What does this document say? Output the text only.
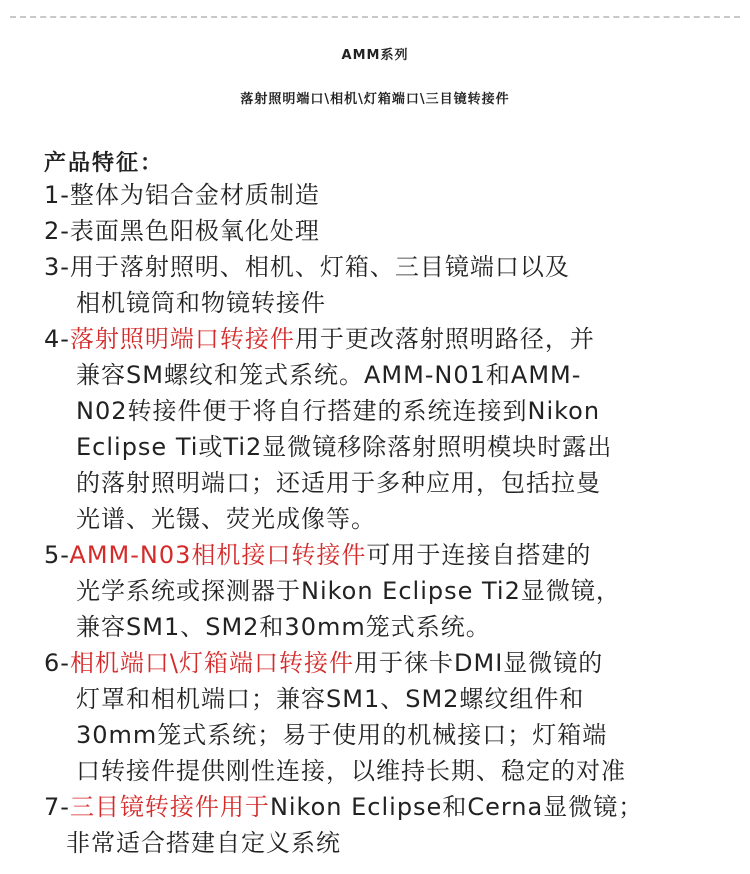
AMM系列
落射照明端口\相机\灯箱端口\三目镜转接件
产品特征：
1-整体为铝合金材质制造
2-表面黑色阳极氧化处理
3-用于落射照明、相机、灯箱、三目镜端口以及
相机镜筒和物镜转接件
4-落射照明端口转接件用于更改落射照明路径，并
兼容SM螺纹和笼式系统。AMM-N01和AMM-
N02转接件便于将自行搭建的系统连接到Nikon
Eclipse Ti或Ti2显微镜移除落射照明模块时露出
的落射照明端口；还适用于多种应用，包括拉曼
光谱、光镊、荧光成像等。
5-AMM-N03相机接口转接件可用于连接自搭建的
光学系统或探测器于Nikon Eclipse Ti2显微镜，
兼容SM1、SM2和30mm笼式系统。
6-相机端口\灯箱端口转接件用于徕卡DMI显微镜的
灯罩和相机端口；兼容SM1、SM2螺纹组件和
30mm笼式系统；易于使用的机械接口；灯箱端
口转接件提供刚性连接，以维持长期、稳定的对准
7-三目镜转接件用于Nikon Eclipse和Cerna显微镜；
非常适合搭建自定义系统
